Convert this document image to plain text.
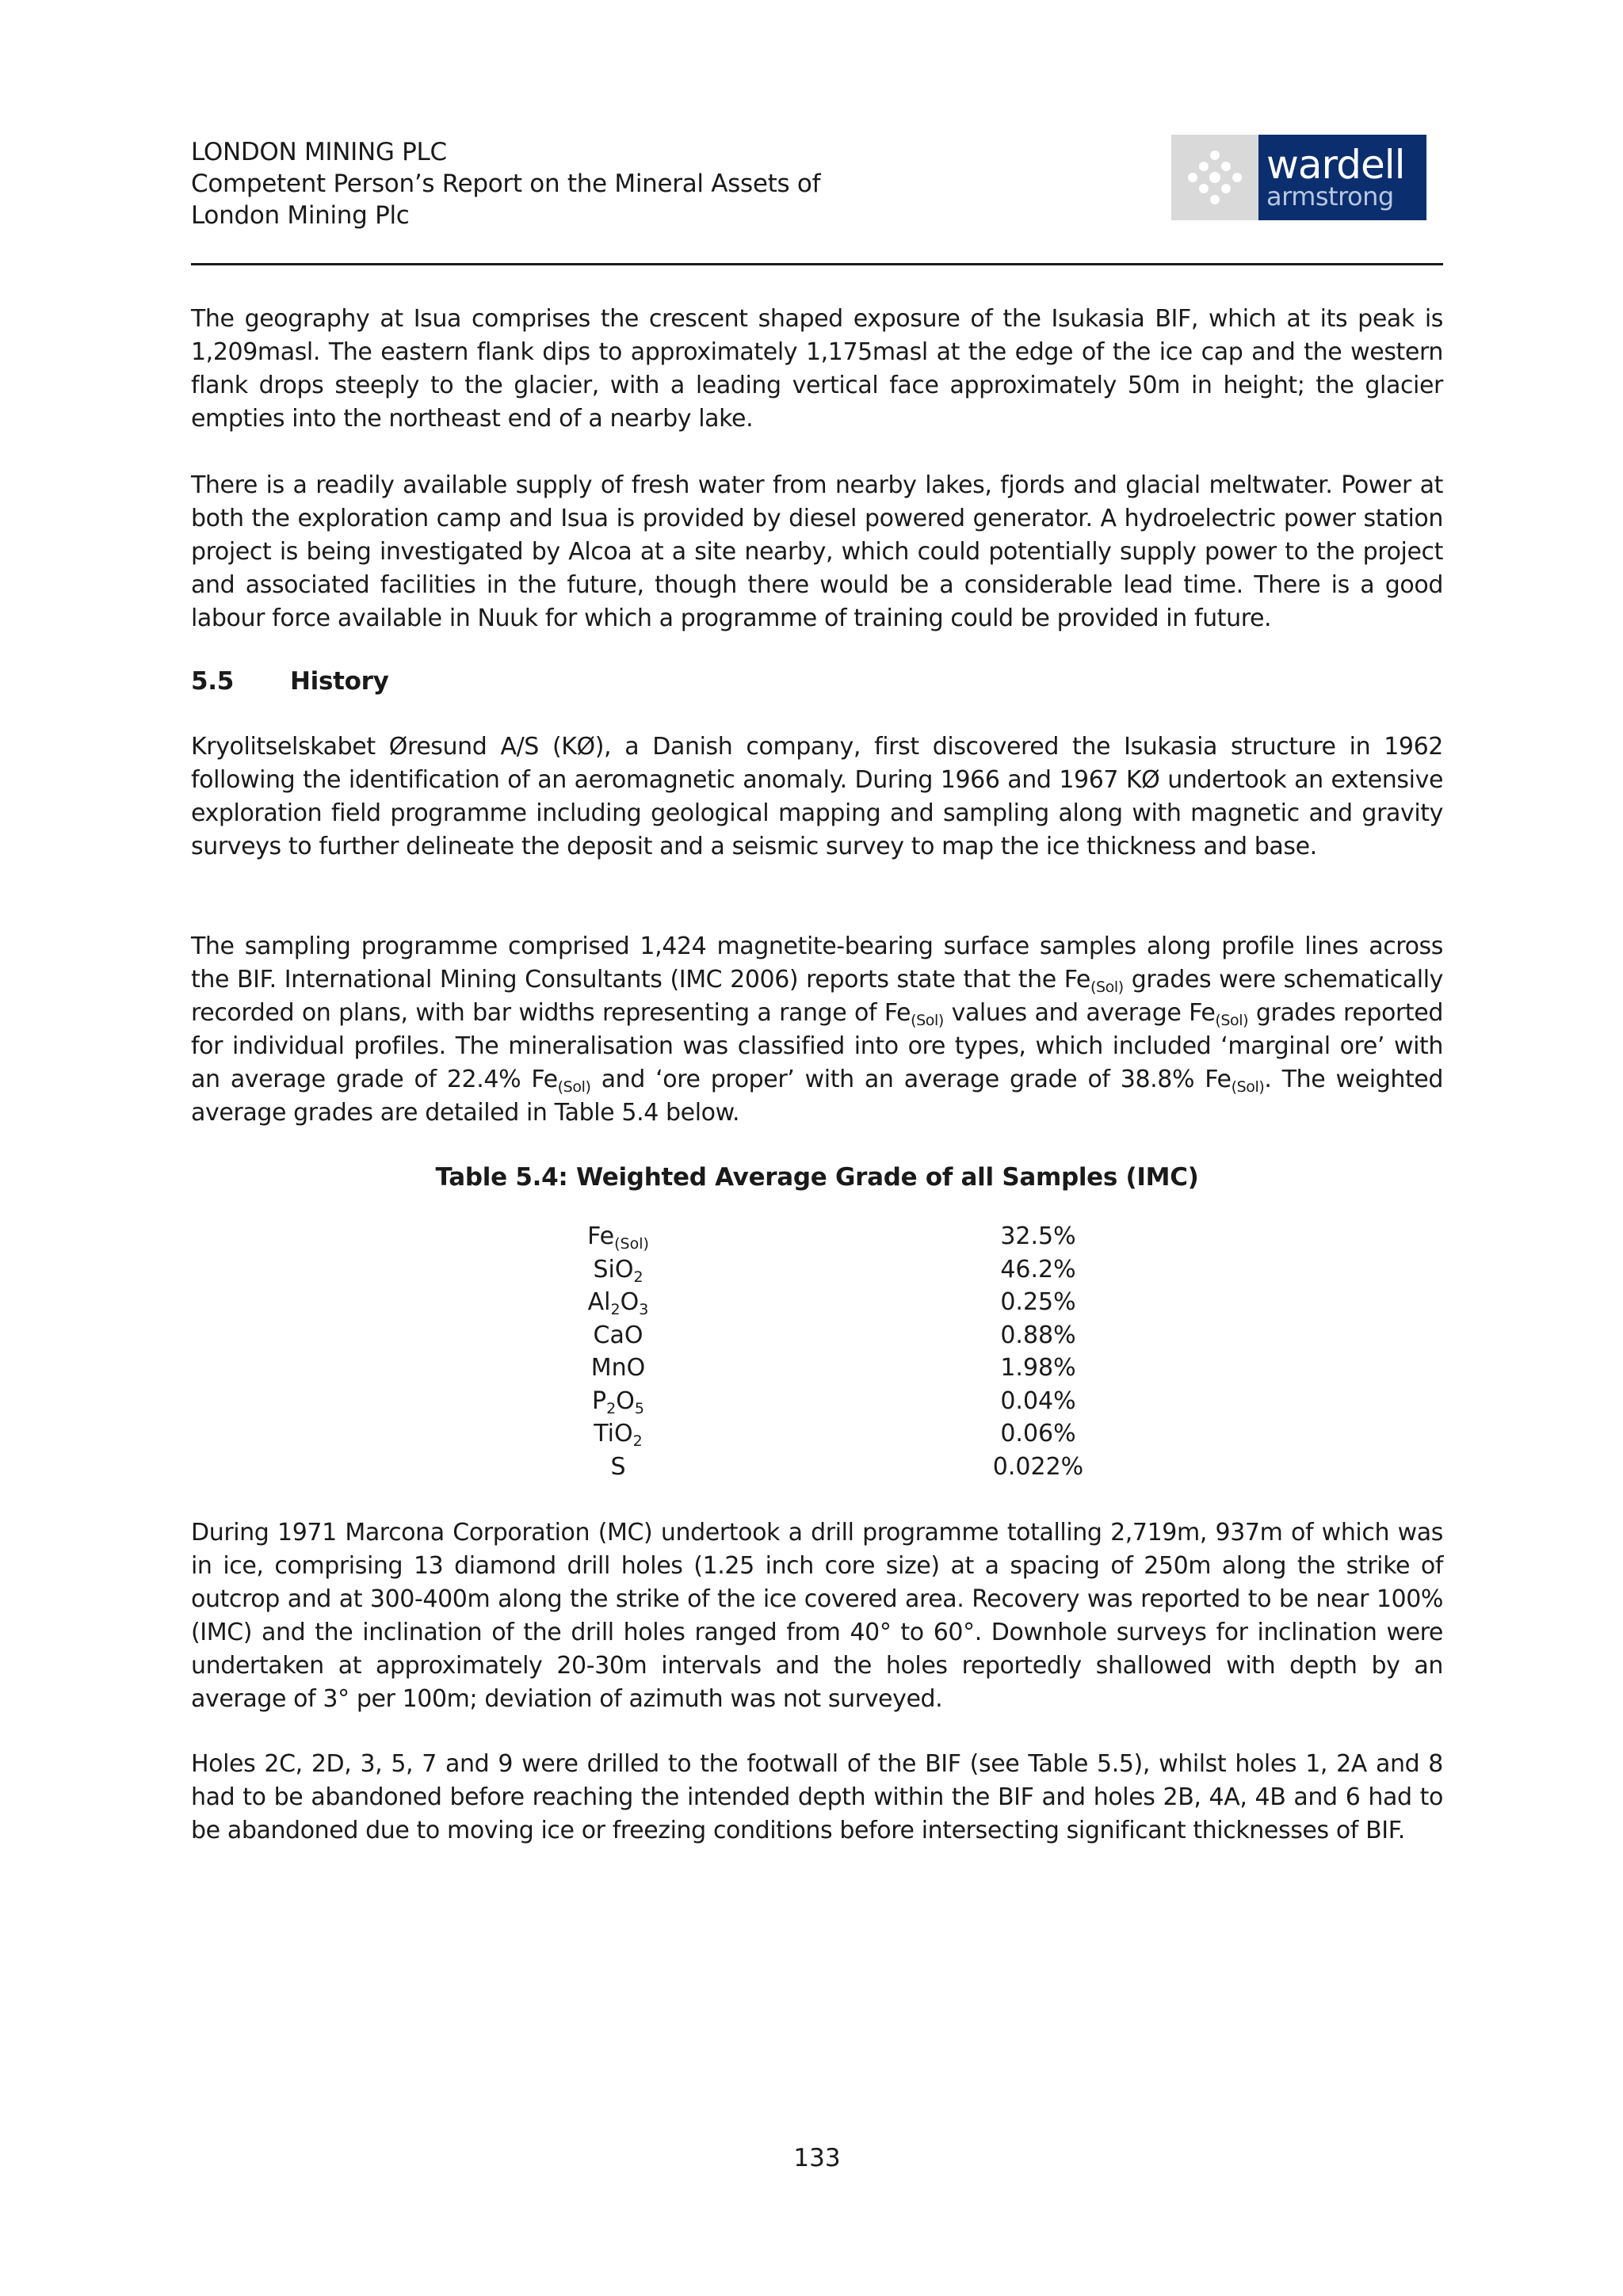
LONDON MINING PLC
Competent Person’s Report on the Mineral Assets of
London Mining Plc
wardell
armstrong

The geography at Isua comprises the crescent shaped exposure of the Isukasia BIF, which at its peak is 1,209masl. The eastern flank dips to approximately 1,175masl at the edge of the ice cap and the western flank drops steeply to the glacier, with a leading vertical face approximately 50m in height; the glacier empties into the northeast end of a nearby lake.

There is a readily available supply of fresh water from nearby lakes, fjords and glacial meltwater. Power at both the exploration camp and Isua is provided by diesel powered generator. A hydroelectric power station project is being investigated by Alcoa at a site nearby, which could potentially supply power to the project and associated facilities in the future, though there would be a considerable lead time. There is a good labour force available in Nuuk for which a programme of training could be provided in future.

5.5 History

Kryolitselskabet Øresund A/S (KØ), a Danish company, first discovered the Isukasia structure in 1962 following the identification of an aeromagnetic anomaly. During 1966 and 1967 KØ undertook an extensive exploration field programme including geological mapping and sampling along with magnetic and gravity surveys to further delineate the deposit and a seismic survey to map the ice thickness and base.

The sampling programme comprised 1,424 magnetite-bearing surface samples along profile lines across the BIF. International Mining Consultants (IMC 2006) reports state that the $Fe_{(Sol)}$ grades were schematically recorded on plans, with bar widths representing a range of $Fe_{(Sol)}$ values and average $Fe_{(Sol)}$ grades reported for individual profiles. The mineralisation was classified into ore types, which included ‘marginal ore’ with an average grade of 22.4% $Fe_{(Sol)}$ and ‘ore proper’ with an average grade of 38.8% $Fe_{(Sol)}$. The weighted average grades are detailed in Table 5.4 below.

Table 5.4: Weighted Average Grade of all Samples (IMC)
$Fe_{(Sol)}$	32.5%
SiO$_2$	46.2%
$Al_2O_3$	0.25%
CaO	0.88%
MnO	1.98%
$P_2O_5$	0.04%
TiO$_2$	0.06%
S	0.022%

During 1971 Marcona Corporation (MC) undertook a drill programme totalling 2,719m, 937m of which was in ice, comprising 13 diamond drill holes (1.25 inch core size) at a spacing of 250m along the strike of outcrop and at 300-400m along the strike of the ice covered area. Recovery was reported to be near 100% (IMC) and the inclination of the drill holes ranged from 40° to 60°. Downhole surveys for inclination were undertaken at approximately 20-30m intervals and the holes reportedly shallowed with depth by an average of 3° per 100m; deviation of azimuth was not surveyed.

Holes 2C, 2D, 3, 5, 7 and 9 were drilled to the footwall of the BIF (see Table 5.5), whilst holes 1, 2A and 8 had to be abandoned before reaching the intended depth within the BIF and holes 2B, 4A, 4B and 6 had to be abandoned due to moving ice or freezing conditions before intersecting significant thicknesses of BIF.

133
